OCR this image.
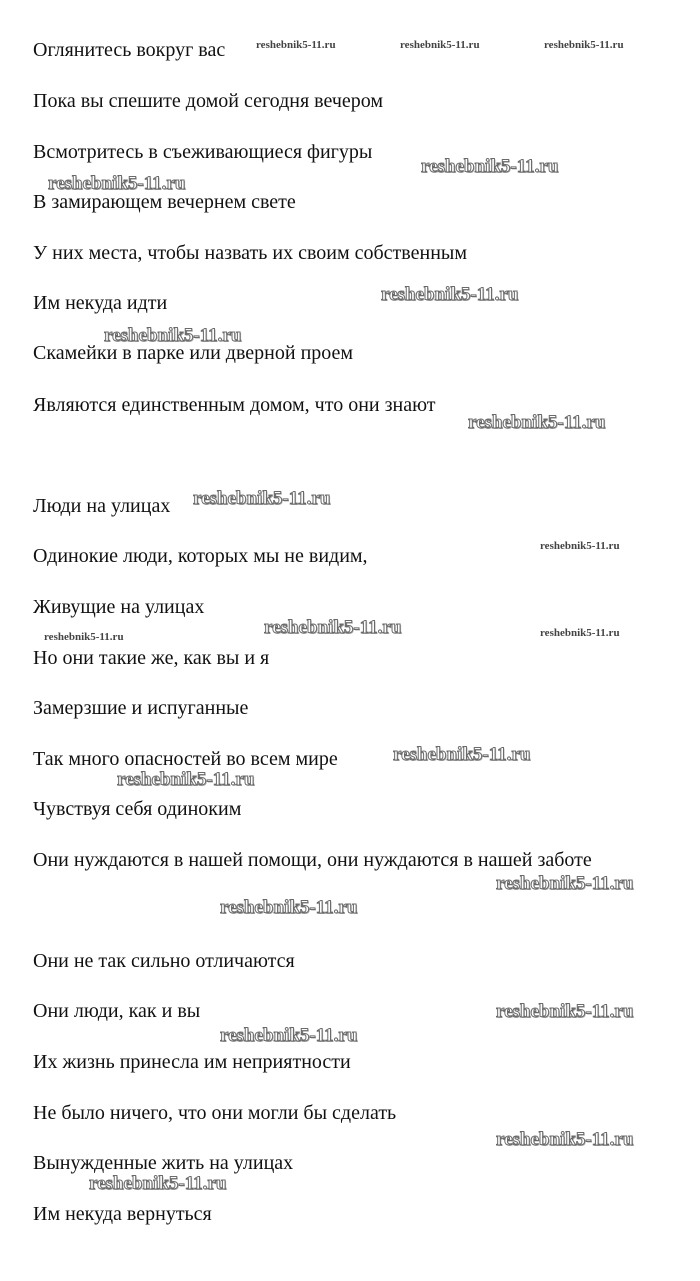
Оглянитесь вокруг вас
Пока вы спешите домой сегодня вечером
Всмотритесь в съеживающиеся фигуры
В замирающем вечернем свете
У них места, чтобы назвать их своим собственным
Им некуда идти
Скамейки в парке или дверной проем
Являются единственным домом, что они знают
Люди на улицах
Одинокие люди, которых мы не видим,
Живущие на улицах
Но они такие же, как вы и я
Замерзшие и испуганные
Так много опасностей во всем мире
Чувствуя себя одиноким
Они нуждаются в нашей помощи, они нуждаются в нашей заботе
Они не так сильно отличаются
Они люди, как и вы
Их жизнь принесла им неприятности
Не было ничего, что они могли бы сделать
Вынужденные жить на улицах
Им некуда вернуться
reshebnik5-11.ru	reshebnik5-11.ru	reshebnik5-11.ru
reshebnik5-11.ru
reshebnik5-11.ru	reshebnik5-11.ru
reshebnik5-11.ru
reshebnik5-11.ru
reshebnik5-11.ru
reshebnik5-11.ru
reshebnik5-11.ru
reshebnik5-11.ru
reshebnik5-11.ru
reshebnik5-11.ru
reshebnik5-11.ru
reshebnik5-11.ru
reshebnik5-11.ru
reshebnik5-11.ru
reshebnik5-11.ru
reshebnik5-11.ru
reshebnik5-11.ru
